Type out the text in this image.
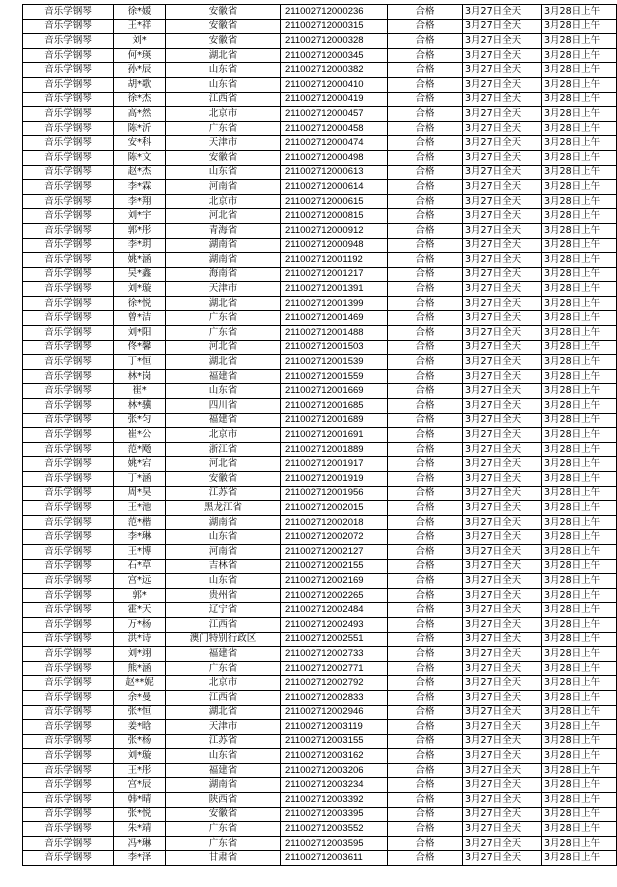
音乐学钢琴	徐*媛	安徽省	211002712000236	合格	3月27日全天	3月28日上午
音乐学钢琴	王*祥	安徽省	211002712000315	合格	3月27日全天	3月28日上午
音乐学钢琴	刘*	安徽省	211002712000328	合格	3月27日全天	3月28日上午
音乐学钢琴	何*瑛	湖北省	211002712000345	合格	3月27日全天	3月28日上午
音乐学钢琴	孙*辰	山东省	211002712000382	合格	3月27日全天	3月28日上午
音乐学钢琴	胡*歌	山东省	211002712000410	合格	3月27日全天	3月28日上午
音乐学钢琴	徐*杰	江西省	211002712000419	合格	3月27日全天	3月28日上午
音乐学钢琴	高*然	北京市	211002712000457	合格	3月27日全天	3月28日上午
音乐学钢琴	陈*沂	广东省	211002712000458	合格	3月27日全天	3月28日上午
音乐学钢琴	安*科	天津市	211002712000474	合格	3月27日全天	3月28日上午
音乐学钢琴	陈*文	安徽省	211002712000498	合格	3月27日全天	3月28日上午
音乐学钢琴	赵*杰	山东省	211002712000613	合格	3月27日全天	3月28日上午
音乐学钢琴	李*霖	河南省	211002712000614	合格	3月27日全天	3月28日上午
音乐学钢琴	李*翔	北京市	211002712000615	合格	3月27日全天	3月28日上午
音乐学钢琴	刘*宇	河北省	211002712000815	合格	3月27日全天	3月28日上午
音乐学钢琴	郭*彤	青海省	211002712000912	合格	3月27日全天	3月28日上午
音乐学钢琴	李*玥	湖南省	211002712000948	合格	3月27日全天	3月28日上午
音乐学钢琴	姚*涵	湖南省	211002712001192	合格	3月27日全天	3月28日上午
音乐学钢琴	吴*鑫	海南省	211002712001217	合格	3月27日全天	3月28日上午
音乐学钢琴	刘*璇	天津市	211002712001391	合格	3月27日全天	3月28日上午
音乐学钢琴	徐*悦	湖北省	211002712001399	合格	3月27日全天	3月28日上午
音乐学钢琴	曾*洁	广东省	211002712001469	合格	3月27日全天	3月28日上午
音乐学钢琴	刘*阳	广东省	211002712001488	合格	3月27日全天	3月28日上午
音乐学钢琴	佟*馨	河北省	211002712001503	合格	3月27日全天	3月28日上午
音乐学钢琴	丁*恒	湖北省	211002712001539	合格	3月27日全天	3月28日上午
音乐学钢琴	林*岗	福建省	211002712001559	合格	3月27日全天	3月28日上午
音乐学钢琴	崔*	山东省	211002712001669	合格	3月27日全天	3月28日上午
音乐学钢琴	林*骥	四川省	211002712001685	合格	3月27日全天	3月28日上午
音乐学钢琴	张*匀	福建省	211002712001689	合格	3月27日全天	3月28日上午
音乐学钢琴	崔*公	北京市	211002712001691	合格	3月27日全天	3月28日上午
音乐学钢琴	范*飏	浙江省	211002712001889	合格	3月27日全天	3月28日上午
音乐学钢琴	姚*宕	河北省	211002712001917	合格	3月27日全天	3月28日上午
音乐学钢琴	丁*涵	安徽省	211002712001919	合格	3月27日全天	3月28日上午
音乐学钢琴	周*昊	江苏省	211002712001956	合格	3月27日全天	3月28日上午
音乐学钢琴	王*池	黑龙江省	211002712002015	合格	3月27日全天	3月28日上午
音乐学钢琴	范*楷	湖南省	211002712002018	合格	3月27日全天	3月28日上午
音乐学钢琴	李*琳	山东省	211002712002072	合格	3月27日全天	3月28日上午
音乐学钢琴	王*博	河南省	211002712002127	合格	3月27日全天	3月28日上午
音乐学钢琴	石*草	吉林省	211002712002155	合格	3月27日全天	3月28日上午
音乐学钢琴	宫*远	山东省	211002712002169	合格	3月27日全天	3月28日上午
音乐学钢琴	郭*	贵州省	211002712002265	合格	3月27日全天	3月28日上午
音乐学钢琴	霍*天	辽宁省	211002712002484	合格	3月27日全天	3月28日上午
音乐学钢琴	万*杨	江西省	211002712002493	合格	3月27日全天	3月28日上午
音乐学钢琴	洪*诗	澳门特别行政区	211002712002551	合格	3月27日全天	3月28日上午
音乐学钢琴	刘*翊	福建省	211002712002733	合格	3月27日全天	3月28日上午
音乐学钢琴	熊*涵	广东省	211002712002771	合格	3月27日全天	3月28日上午
音乐学钢琴	赵**妮	北京市	211002712002792	合格	3月27日全天	3月28日上午
音乐学钢琴	余*曼	江西省	211002712002833	合格	3月27日全天	3月28日上午
音乐学钢琴	张*恒	湖北省	211002712002946	合格	3月27日全天	3月28日上午
音乐学钢琴	姜*晗	天津市	211002712003119	合格	3月27日全天	3月28日上午
音乐学钢琴	张*杨	江苏省	211002712003155	合格	3月27日全天	3月28日上午
音乐学钢琴	刘*璇	山东省	211002712003162	合格	3月27日全天	3月28日上午
音乐学钢琴	王*彤	福建省	211002712003206	合格	3月27日全天	3月28日上午
音乐学钢琴	宫*辰	湖南省	211002712003234	合格	3月27日全天	3月28日上午
音乐学钢琴	韩*晴	陕西省	211002712003392	合格	3月27日全天	3月28日上午
音乐学钢琴	张*悦	安徽省	211002712003395	合格	3月27日全天	3月28日上午
音乐学钢琴	朱*靖	广东省	211002712003552	合格	3月27日全天	3月28日上午
音乐学钢琴	冯*琳	广东省	211002712003595	合格	3月27日全天	3月28日上午
音乐学钢琴	李*泽	甘肃省	211002712003611	合格	3月27日全天	3月28日上午
